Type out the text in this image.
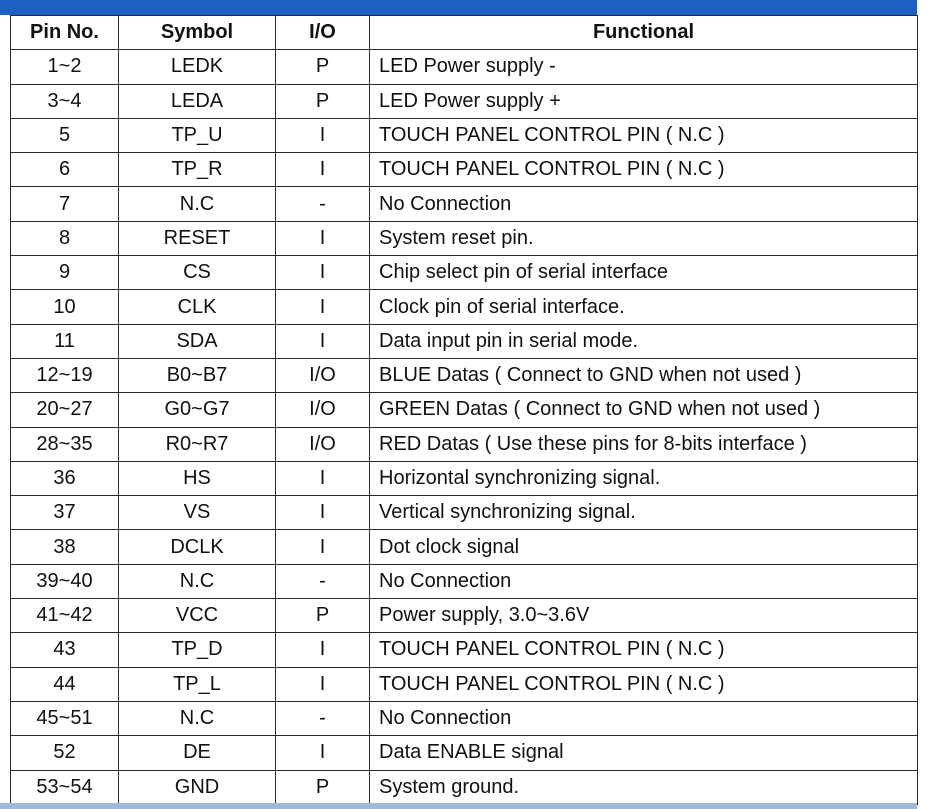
Pin No.	Symbol	I/O	Functional
1~2	LEDK	P	LED Power supply -
3~4	LEDA	P	LED Power supply +
5	TP_U	I	TOUCH PANEL CONTROL PIN ( N.C )
6	TP_R	I	TOUCH PANEL CONTROL PIN ( N.C )
7	N.C	-	No Connection
8	RESET	I	System reset pin.
9	CS	I	Chip select pin of serial interface
10	CLK	I	Clock pin of serial interface.
11	SDA	I	Data input pin in serial mode.
12~19	B0~B7	I/O	BLUE Datas ( Connect to GND when not used )
20~27	G0~G7	I/O	GREEN Datas ( Connect to GND when not used )
28~35	R0~R7	I/O	RED Datas ( Use these pins for 8-bits interface )
36	HS	I	Horizontal synchronizing signal.
37	VS	I	Vertical synchronizing signal.
38	DCLK	I	Dot clock signal
39~40	N.C	-	No Connection
41~42	VCC	P	Power supply, 3.0~3.6V
43	TP_D	I	TOUCH PANEL CONTROL PIN ( N.C )
44	TP_L	I	TOUCH PANEL CONTROL PIN ( N.C )
45~51	N.C	-	No Connection
52	DE	I	Data ENABLE signal
53~54	GND	P	System ground.
